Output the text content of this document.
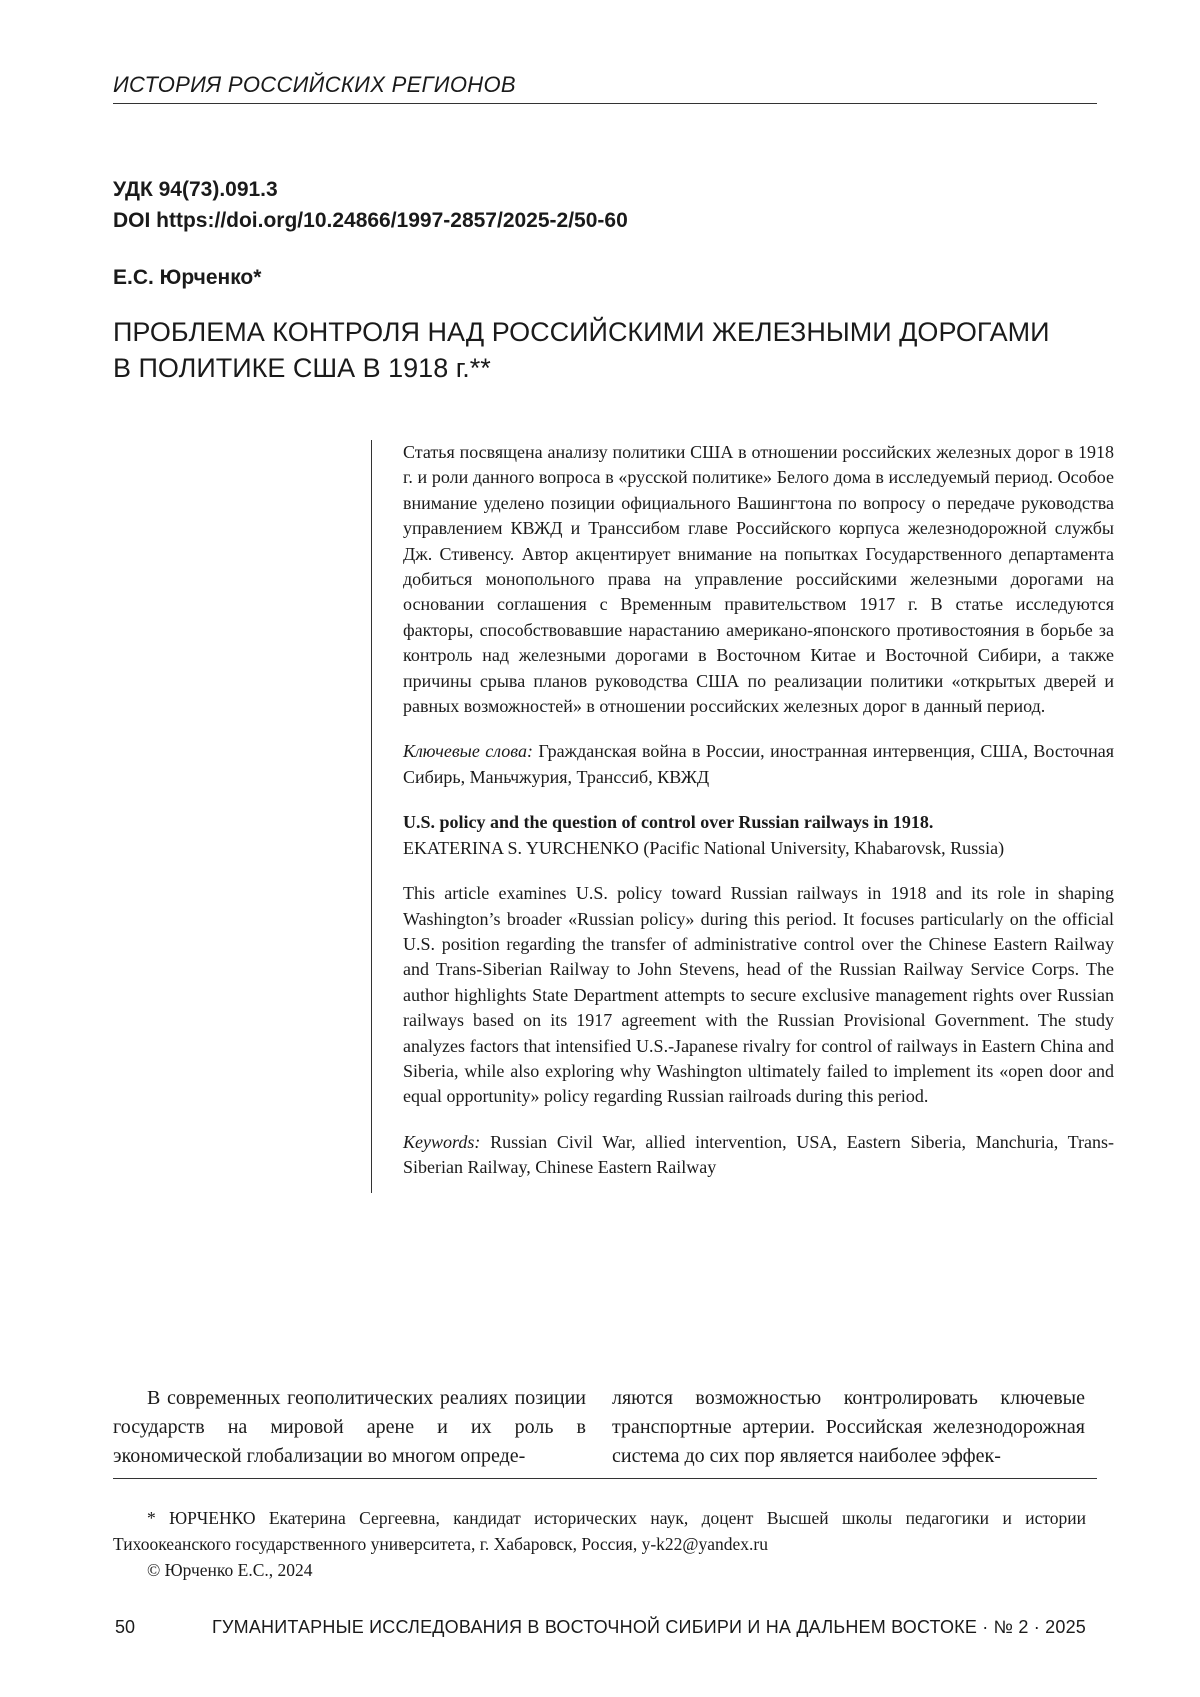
ИСТОРИЯ РОССИЙСКИХ РЕГИОНОВ
УДК 94(73).091.3
DOI https://doi.org/10.24866/1997-2857/2025-2/50-60
Е.С. Юрченко*
ПРОБЛЕМА КОНТРОЛЯ НАД РОССИЙСКИМИ ЖЕЛЕЗНЫМИ ДОРОГАМИ
В ПОЛИТИКЕ США В 1918 г.**

Статья посвящена анализу политики США в отношении российских железных дорог в 1918 г. и роли данного вопроса в «русской политике» Белого дома в исследуемый период. Особое внимание уделено позиции официального Вашингтона по вопросу о передаче руководства управлением КВЖД и Транссибом главе Российского корпуса железнодорожной службы Дж. Стивенсу. Автор акцентирует внимание на попытках Государственного департамента добиться монопольного права на управление российскими железными дорогами на основании соглашения с Временным правительством 1917 г. В статье исследуются факторы, способствовавшие нарастанию американо-японского противостояния в борьбе за контроль над железными дорогами в Восточном Китае и Восточной Сибири, а также причины срыва планов руководства США по реализации политики «открытых дверей и равных возможностей» в отношении российских железных дорог в данный период.

Ключевые слова: Гражданская война в России, иностранная интервенция, США, Восточная Сибирь, Маньчжурия, Транссиб, КВЖД

U.S. policy and the question of control over Russian railways in 1918.

EKATERINA S. YURCHENKO (Pacific National University, Khabarovsk, Russia)

This article examines U.S. policy toward Russian railways in 1918 and its role in shaping Washington’s broader «Russian policy» during this period. It focuses particularly on the official U.S. position regarding the transfer of administrative control over the Chinese Eastern Railway and Trans-Siberian Railway to John Stevens, head of the Russian Railway Service Corps. The author highlights State Department attempts to secure exclusive management rights over Russian railways based on its 1917 agreement with the Russian Provisional Government. The study analyzes factors that intensified U.S.-Japanese rivalry for control of railways in Eastern China and Siberia, while also exploring why Washington ultimately failed to implement its «open door and equal opportunity» policy regarding Russian railroads during this period.

Keywords: Russian Civil War, allied intervention, USA, Eastern Siberia, Manchuria, Trans-Siberian Railway, Chinese Eastern Railway

В современных геополитических реалиях позиции государств на мировой арене и их роль в экономической глобализации во многом опреде-
ляются возможностью контролировать ключевые транспортные артерии. Российская железнодорожная система до сих пор является наиболее эффек-
* ЮРЧЕНКО Екатерина Сергеевна, кандидат исторических наук, доцент Высшей школы педагогики и истории Тихоокеанского государственного университета, г. Хабаровск, Россия, y-k22@yandex.ru
© Юрченко Е.С., 2024
50	ГУМАНИТАРНЫЕ ИССЛЕДОВАНИЯ В ВОСТОЧНОЙ СИБИРИ И НА ДАЛЬНЕМ ВОСТОКЕ · № 2 · 2025
